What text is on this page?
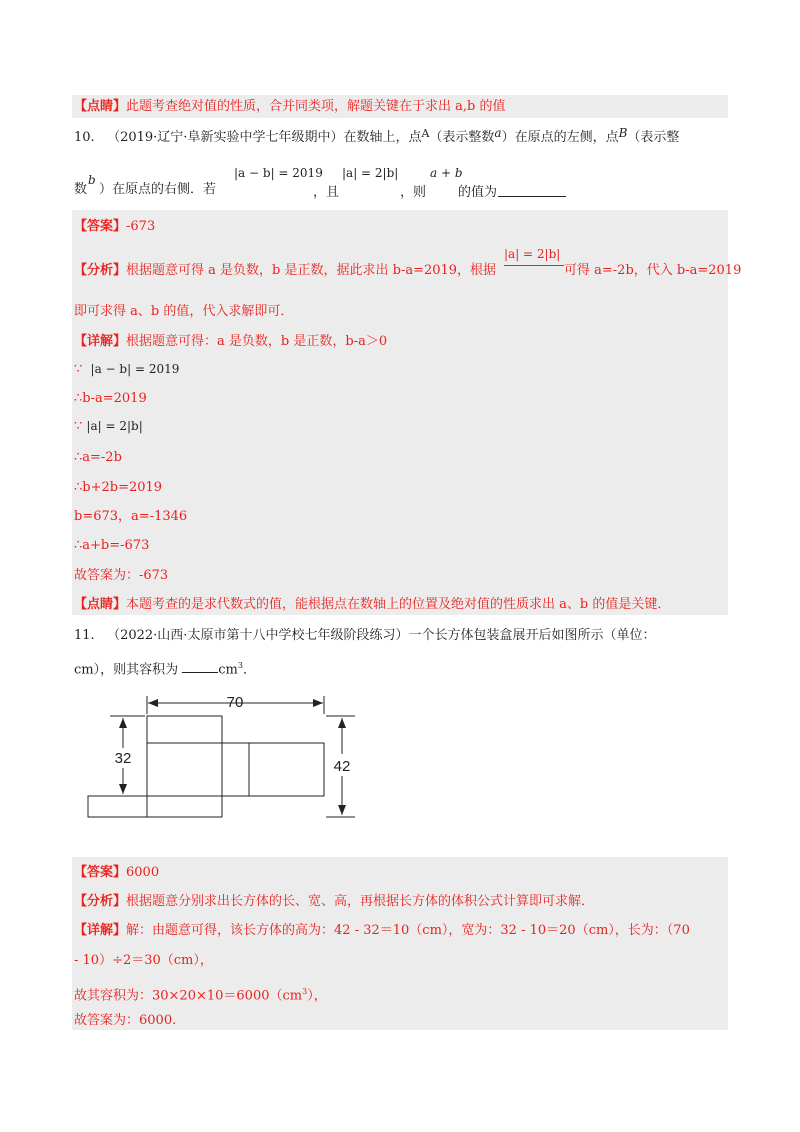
【点睛】此题考查绝对值的性质，合并同类项，解题关键在于求出 a,b 的值
10. （2019·辽宁·阜新实验中学七年级期中）在数轴上，点$^A$（表示整数a）在原点的左侧，点B（表示整
数
b
）在原点的右侧．若
|a − b| = 2019
，且
|a| = 2|b|
，则
a + b
的值为
【答案】-673
【分析】根据题意可得 a 是负数，b 是正数，据此求出 b-a=2019，根据
|a| = 2|b|
可得 a=-2b，代入 b-a=2019
即可求得 a、b 的值，代入求解即可．
【详解】根据题意可得：a 是负数，b 是正数，b-a＞0
∵ |a − b| = 2019
∴b-a=2019
∵ |a| = 2|b|
∴a=-2b
∴b+2b=2019
b=673，a=-1346
∴a+b=-673
故答案为：-673
【点睛】本题考查的是求代数式的值，能根据点在数轴上的位置及绝对值的性质求出 a、b 的值是关键．
11. （2022·山西·太原市第十八中学校七年级阶段练习）一个长方体包装盒展开后如图所示（单位：
cm），则其容积为	$cm^3$．
70
32	42
【答案】6000
【分析】根据题意分别求出长方体的长、宽、高，再根据长方体的体积公式计算即可求解．
【详解】解：由题意可得，该长方体的高为：42 - 32＝10（cm），宽为：32 - 10＝20（cm），长为：（70
- 10）÷2＝30（cm），
故其容积为：$30\times 20\times 10=6000(cm^3)$，
故答案为：6000.
